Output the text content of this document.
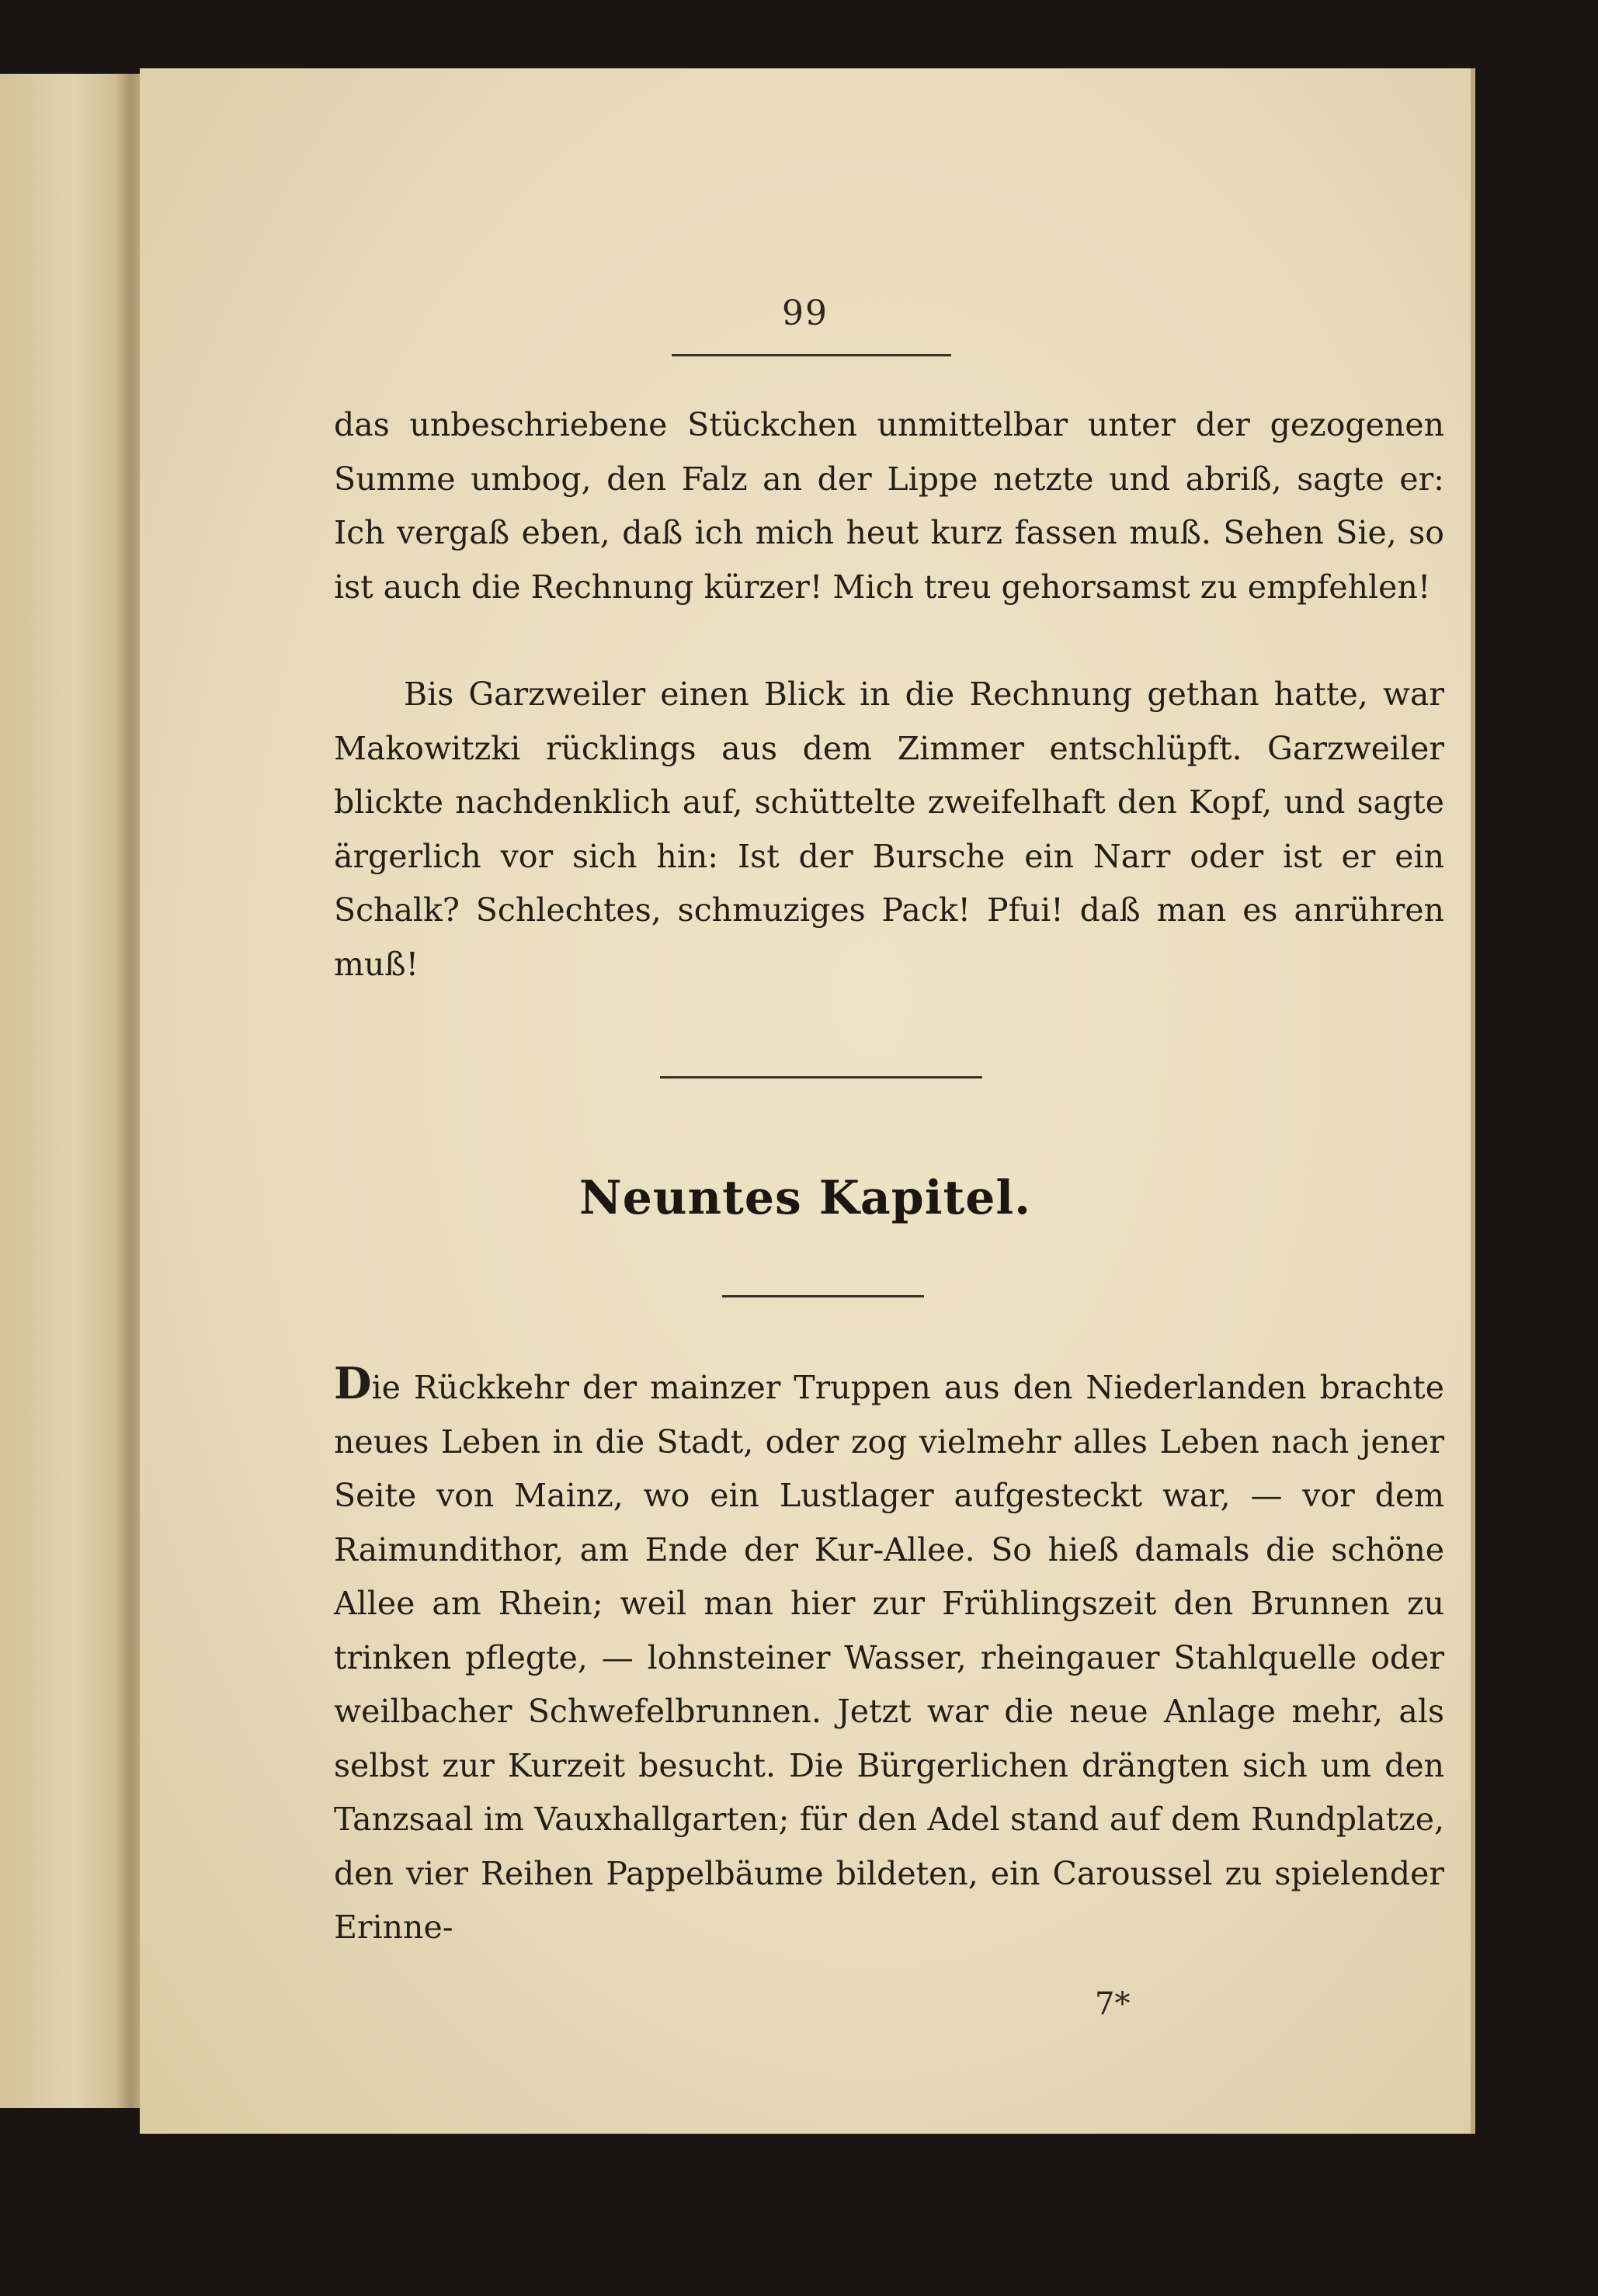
99

das unbeschriebene Stückchen unmittelbar unter der gezogenen Summe umbog, den Falz an der Lippe netzte und abriß, sagte er: Ich vergaß eben, daß ich mich heut kurz fassen muß. Sehen Sie, so ist auch die Rechnung kürzer! Mich treu gehorsamst zu empfehlen!

Bis Garzweiler einen Blick in die Rechnung gethan hatte, war Makowitzki rücklings aus dem Zimmer entschlüpft. Garzweiler blickte nachdenklich auf, schüttelte zweifelhaft den Kopf, und sagte ärgerlich vor sich hin: Ist der Bursche ein Narr oder ist er ein Schalk? Schlechtes, schmuziges Pack! Pfui! daß man es anrühren muß!

Neuntes Kapitel.

Die Rückkehr der mainzer Truppen aus den Niederlanden brachte neues Leben in die Stadt, oder zog vielmehr alles Leben nach jener Seite von Mainz, wo ein Lustlager aufgesteckt war, — vor dem Raimundithor, am Ende der Kur-Allee. So hieß damals die schöne Allee am Rhein; weil man hier zur Frühlingszeit den Brunnen zu trinken pflegte, — lohnsteiner Wasser, rheingauer Stahlquelle oder weilbacher Schwefelbrunnen. Jetzt war die neue Anlage mehr, als selbst zur Kurzeit besucht. Die Bürgerlichen drängten sich um den Tanzsaal im Vauxhallgarten; für den Adel stand auf dem Rundplatze, den vier Reihen Pappelbäume bildeten, ein Caroussel zu spielender Erinne-

7*
